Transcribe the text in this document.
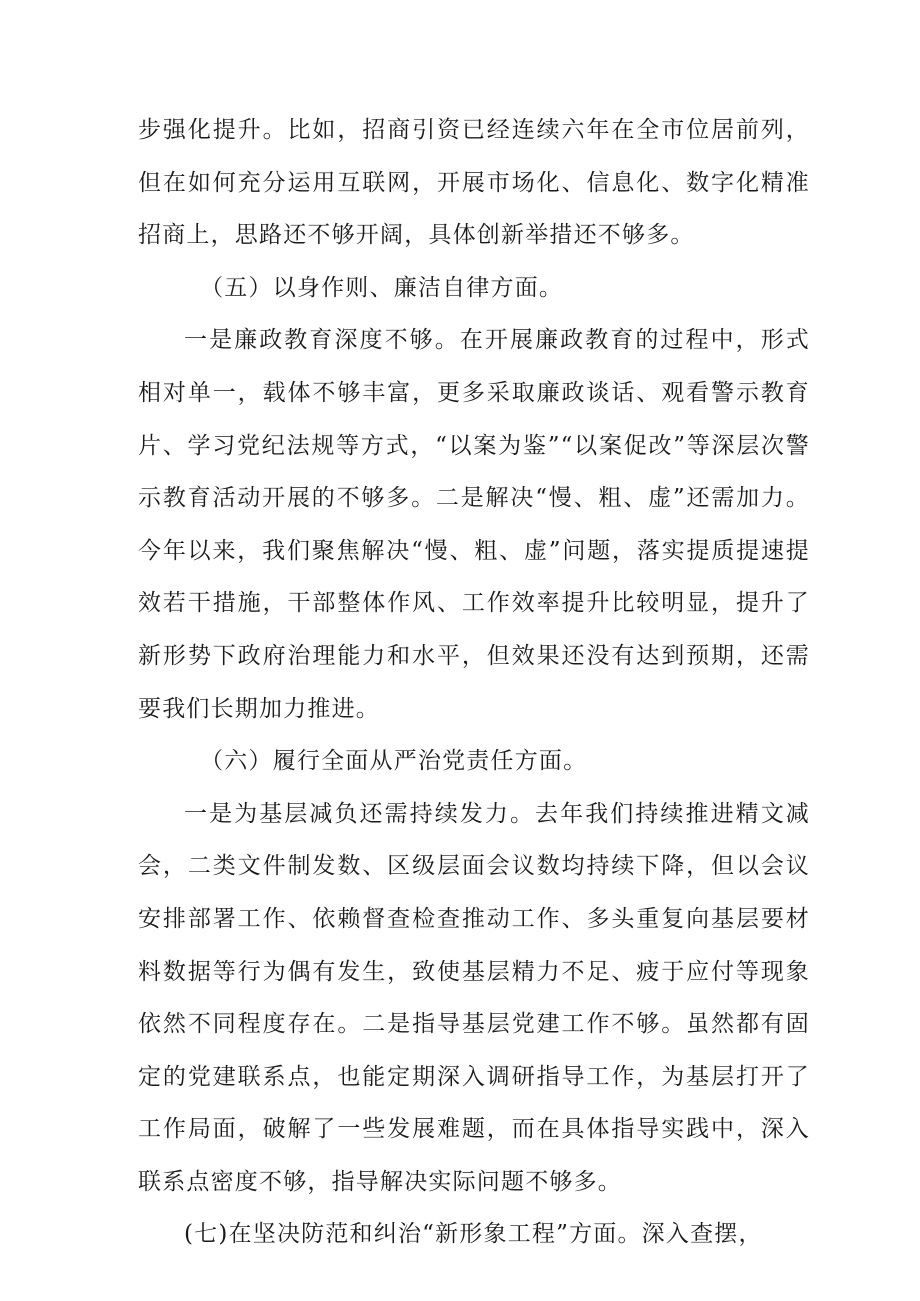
步强化提升。比如，招商引资已经连续六年在全市位居前列，但在如何充分运用互联网，开展市场化、信息化、数字化精准招商上，思路还不够开阔，具体创新举措还不够多。

（五）以身作则、廉洁自律方面。

一是廉政教育深度不够。在开展廉政教育的过程中，形式相对单一，载体不够丰富，更多采取廉政谈话、观看警示教育片、学习党纪法规等方式，“以案为鉴”“以案促改”等深层次警示教育活动开展的不够多。二是解决“慢、粗、虚”还需加力。今年以来，我们聚焦解决“慢、粗、虚”问题，落实提质提速提效若干措施，干部整体作风、工作效率提升比较明显，提升了新形势下政府治理能力和水平，但效果还没有达到预期，还需要我们长期加力推进。

（六）履行全面从严治党责任方面。

一是为基层减负还需持续发力。去年我们持续推进精文减会，二类文件制发数、区级层面会议数均持续下降，但以会议安排部署工作、依赖督查检查推动工作、多头重复向基层要材料数据等行为偶有发生，致使基层精力不足、疲于应付等现象依然不同程度存在。二是指导基层党建工作不够。虽然都有固定的党建联系点，也能定期深入调研指导工作，为基层打开了工作局面，破解了一些发展难题，而在具体指导实践中，深入联系点密度不够，指导解决实际问题不够多。

(七)在坚决防范和纠治“新形象工程”方面。深入查摆，
